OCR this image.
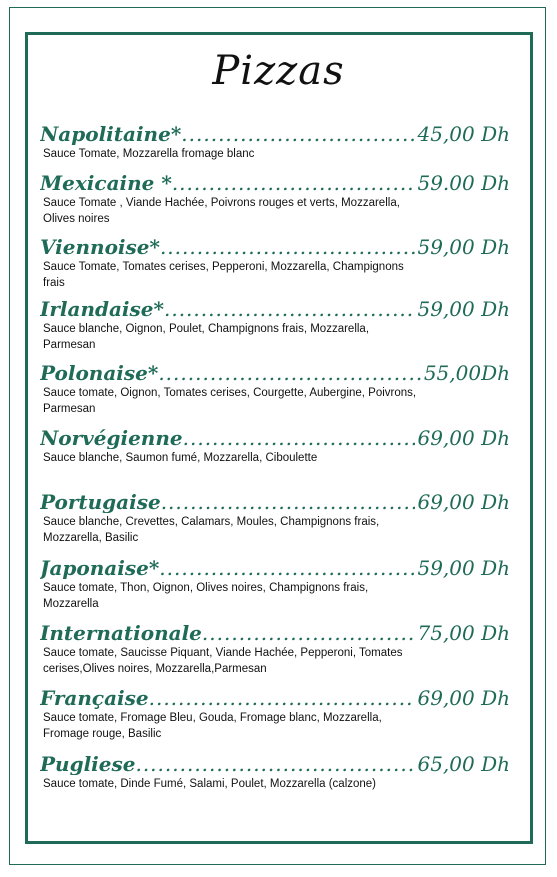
Pizzas
Napolitaine* .....	45,00 Dh
Sauce Tomate, Mozzarella fromage blanc
Mexicaine * .....	59.00 Dh
Sauce Tomate , Viande Hachée, Poivrons rouges et verts, Mozzarella, Olives noires
Viennoise* .....	59,00 Dh
Sauce Tomate, Tomates cerises, Pepperoni, Mozzarella, Champignons frais
Irlandaise* .....	59,00 Dh
Sauce blanche, Oignon, Poulet, Champignons frais, Mozzarella, Parmesan
Polonaise* .....	55,00Dh
Sauce tomate, Oignon, Tomates cerises, Courgette, Aubergine, Poivrons, Parmesan
Norvégienne .....	69,00 Dh
Sauce blanche, Saumon fumé, Mozzarella, Ciboulette
Portugaise .....	69,00 Dh
Sauce blanche, Crevettes, Calamars, Moules, Champignons frais, Mozzarella, Basilic
Japonaise* .....	59,00 Dh
Sauce tomate, Thon, Oignon, Olives noires, Champignons frais, Mozzarella
Internationale .....	75,00 Dh
Sauce tomate, Saucisse Piquant, Viande Hachée, Pepperoni, Tomates cerises,Olives noires, Mozzarella,Parmesan
Française .....	69,00 Dh
Sauce tomate, Fromage Bleu, Gouda, Fromage blanc, Mozzarella, Fromage rouge, Basilic
Pugliese .....	65,00 Dh
Sauce tomate, Dinde Fumé, Salami, Poulet, Mozzarella (calzone)
